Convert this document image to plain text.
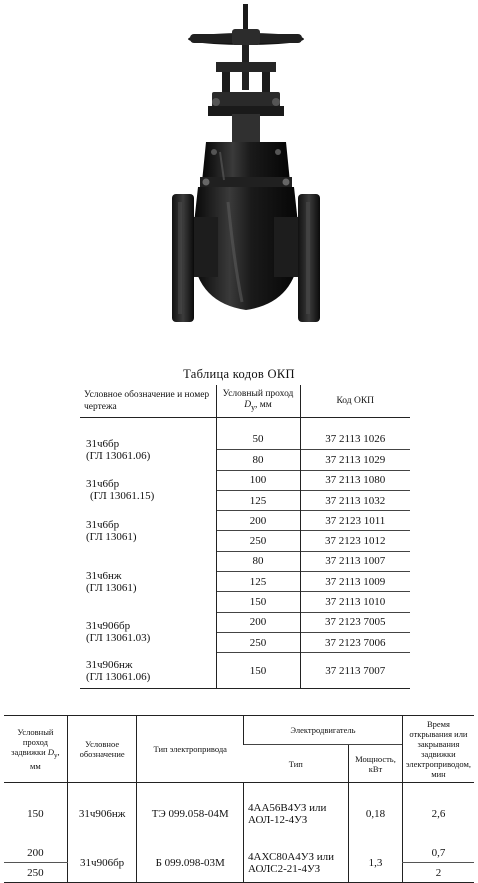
Таблица кодов ОКП
Условное обозначение и номер чертежа	Условный проход $D_у$, мм	Код ОКП

31ч6бр
(ГЛ 13061.06)	50	37 2113 1026
	80	37 2113 1029

31ч6бр
(ГЛ 13061.15)	100	37 2113 1080
	125	37 2113 1032

31ч6бр
(ГЛ 13061)	200	37 2123 1011
	250	37 2123 1012

31ч6нж
(ГЛ 13061)	80	37 2113 1007
	125	37 2113 1009
	150	37 2113 1010

31ч906бр
(ГЛ 13061.03)	200	37 2123 7005
	250	37 2123 7006

31ч906нж
(ГЛ 13061.06)	150	37 2113 7007
Условный проход задвижки $D_у$, мм	Условное обозначение	Тип электропривода	Электродвигатель		Время открывания или закрывания задвижки электроприводом, мин
			Тип	Мощность, кВт	
150	31ч906нж	ТЭ 099.058-04М	4АА56В4УЗ или
АОЛ-12-4УЗ	0,18	2,6
200	31ч906бр	Б 099.098-03М	4АХС80А4УЗ или
АОЛС2-21-4УЗ	1,3	0,7
250					2
